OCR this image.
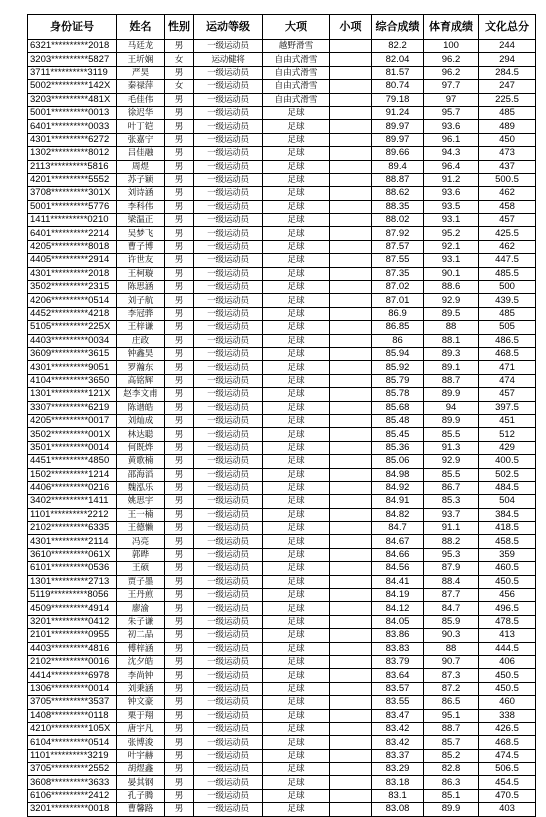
身份证号	姓名	性别	运动等级	大项	小项	综合成绩	体育成绩	文化总分
6321**********2018	马廷龙	男	一级运动员	越野滑雪		82.2	100	244
3203**********5827	王圻娴	女	运动健将	自由式滑雪		82.04	96.2	294
3711**********3119	严昊	男	一级运动员	自由式滑雪		81.57	96.2	284.5
5002**********142X	秦禄萍	女	一级运动员	自由式滑雪		80.74	97.7	247
3203**********481X	毛佳伟	男	一级运动员	自由式滑雪		79.18	97	225.5
5001**********0013	徐迟华	男	一级运动员	足球		91.24	95.7	485
6401**********0033	叶丁铠	男	一级运动员	足球		89.97	93.6	489
4301**********6272	张嘉宁	男	一级运动员	足球		89.97	96.1	450
1302**********8012	吕佳融	男	一级运动员	足球		89.66	94.3	473
2113**********5816	周煜	男	一级运动员	足球		89.4	96.4	437
4201**********5552	苏子颖	男	一级运动员	足球		88.87	91.2	500.5
3708**********301X	刘诗涵	男	一级运动员	足球		88.62	93.6	462
5001**********5776	李科伟	男	一级运动员	足球		88.35	93.5	458
1411**********0210	梁温正	男	一级运动员	足球		88.02	93.1	457
6401**********2214	吴梦飞	男	一级运动员	足球		87.92	95.2	425.5
4205**********8018	曹子博	男	一级运动员	足球		87.57	92.1	462
4405**********2914	许世友	男	一级运动员	足球		87.55	93.1	447.5
4301**********2018	王柯璇	男	一级运动员	足球		87.35	90.1	485.5
3502**********2315	陈思涵	男	一级运动员	足球		87.02	88.6	500
4206**********0514	刘子航	男	一级运动员	足球		87.01	92.9	439.5
4452**********4218	李冠骅	男	一级运动员	足球		86.9	89.5	485
5105**********225X	王梓谦	男	一级运动员	足球		86.85	88	505
4403**********0034	庄政	男	一级运动员	足球		86	88.1	486.5
3609**********3615	钟鑫昊	男	一级运动员	足球		85.94	89.3	468.5
4301**********9051	罗瀚东	男	一级运动员	足球		85.92	89.1	471
4104**********3650	高铭辉	男	一级运动员	足球		85.79	88.7	474
1301**********121X	赵李文甫	男	一级运动员	足球		85.78	89.9	457
3307**********6219	陈谱皓	男	一级运动员	足球		85.68	94	397.5
4205**********0017	刘灿成	男	一级运动员	足球		85.48	89.9	451
3502**********001X	林达聪	男	一级运动员	足球		85.45	85.5	512
3501**********0014	何既烨	男	一级运动员	足球		85.36	91.3	429
4451**********4850	黄歌楠	男	一级运动员	足球		85.06	92.9	400.5
1502**********1214	邵海滔	男	一级运动员	足球		84.98	85.5	502.5
4406**********0216	魏泓乐	男	一级运动员	足球		84.92	86.7	484.5
3402**********1411	姚思宇	男	一级运动员	足球		84.91	85.3	504
1101**********2212	王一楠	男	一级运动员	足球		84.82	93.7	384.5
2102**********6335	王德懒	男	一级运动员	足球		84.7	91.1	418.5
4301**********2114	冯亮	男	一级运动员	足球		84.67	88.2	458.5
3610**********061X	郭晔	男	一级运动员	足球		84.66	95.3	359
6101**********0536	王硕	男	一级运动员	足球		84.56	87.9	460.5
1301**********2713	贾子墨	男	一级运动员	足球		84.41	88.4	450.5
5119**********8056	王丹煎	男	一级运动员	足球		84.19	87.7	456
4509**********4914	廖渝	男	一级运动员	足球		84.12	84.7	496.5
3201**********0412	朱子谦	男	一级运动员	足球		84.05	85.9	478.5
2101**********0955	初二品	男	一级运动员	足球		83.86	90.3	413
4403**********4816	傅梓涵	男	一级运动员	足球		83.83	88	444.5
2102**********0016	沈夕皓	男	一级运动员	足球		83.79	90.7	406
4414**********6978	李尚钟	男	一级运动员	足球		83.64	87.3	450.5
1306**********0014	刘秉涵	男	一级运动员	足球		83.57	87.2	450.5
3705**********3537	钟文豪	男	一级运动员	足球		83.55	86.5	460
1408**********0118	栗于翔	男	一级运动员	足球		83.47	95.1	338
4210**********105X	唐宇凡	男	一级运动员	足球		83.42	88.7	426.5
6104**********0514	张博浚	男	一级运动员	足球		83.42	85.7	468.5
1101**********3219	叶宇赫	男	一级运动员	足球		83.37	85.2	474.5
3705**********2552	胡煜鑫	男	一级运动员	足球		83.29	82.8	506.5
3608**********3633	晏其钢	男	一级运动员	足球		83.18	86.3	454.5
6106**********2412	孔子腾	男	一级运动员	足球		83.1	85.1	470.5
3201**********0018	曹馨路	男	一级运动员	足球		83.08	89.9	403
